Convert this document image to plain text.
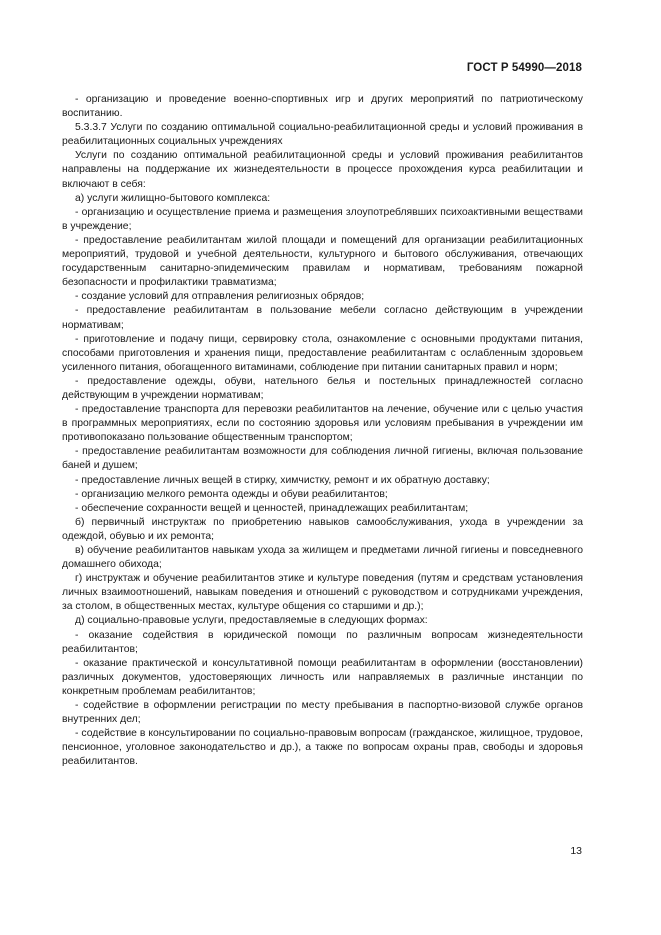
ГОСТ Р 54990—2018

- организацию и проведение военно-спортивных игр и других мероприятий по патриотическому воспитанию.

5.3.3.7 Услуги по созданию оптимальной социально-реабилитационной среды и условий проживания в реабилитационных социальных учреждениях

Услуги по созданию оптимальной реабилитационной среды и условий проживания реабилитантов направлены на поддержание их жизнедеятельности в процессе прохождения курса реабилитации и включают в себя:

а) услуги жилищно-бытового комплекса:

- организацию и осуществление приема и размещения злоупотреблявших психоактивными веществами в учреждение;

- предоставление реабилитантам жилой площади и помещений для организации реабилитационных мероприятий, трудовой и учебной деятельности, культурного и бытового обслуживания, отвечающих государственным санитарно-эпидемическим правилам и нормативам, требованиям пожарной безопасности и профилактики травматизма;

- создание условий для отправления религиозных обрядов;

- предоставление реабилитантам в пользование мебели согласно действующим в учреждении нормативам;

- приготовление и подачу пищи, сервировку стола, ознакомление с основными продуктами питания, способами приготовления и хранения пищи, предоставление реабилитантам с ослабленным здоровьем усиленного питания, обогащенного витаминами, соблюдение при питании санитарных правил и норм;

- предоставление одежды, обуви, нательного белья и постельных принадлежностей согласно действующим в учреждении нормативам;

- предоставление транспорта для перевозки реабилитантов на лечение, обучение или с целью участия в программных мероприятиях, если по состоянию здоровья или условиям пребывания в учреждении им противопоказано пользование общественным транспортом;

- предоставление реабилитантам возможности для соблюдения личной гигиены, включая пользование баней и душем;

- предоставление личных вещей в стирку, химчистку, ремонт и их обратную доставку;

- организацию мелкого ремонта одежды и обуви реабилитантов;

- обеспечение сохранности вещей и ценностей, принадлежащих реабилитантам;

б) первичный инструктаж по приобретению навыков самообслуживания, ухода в учреждении за одеждой, обувью и их ремонта;

в) обучение реабилитантов навыкам ухода за жилищем и предметами личной гигиены и повседневного домашнего обихода;

г) инструктаж и обучение реабилитантов этике и культуре поведения (путям и средствам установления личных взаимоотношений, навыкам поведения и отношений с руководством и сотрудниками учреждения, за столом, в общественных местах, культуре общения со старшими и др.);

д) социально-правовые услуги, предоставляемые в следующих формах:

- оказание содействия в юридической помощи по различным вопросам жизнедеятельности реабилитантов;

- оказание практической и консультативной помощи реабилитантам в оформлении (восстановлении) различных документов, удостоверяющих личность или направляемых в различные инстанции по конкретным проблемам реабилитантов;

- содействие в оформлении регистрации по месту пребывания в паспортно-визовой службе органов внутренних дел;

- содействие в консультировании по социально-правовым вопросам (гражданское, жилищное, трудовое, пенсионное, уголовное законодательство и др.), а также по вопросам охраны прав, свободы и здоровья реабилитантов.

13
